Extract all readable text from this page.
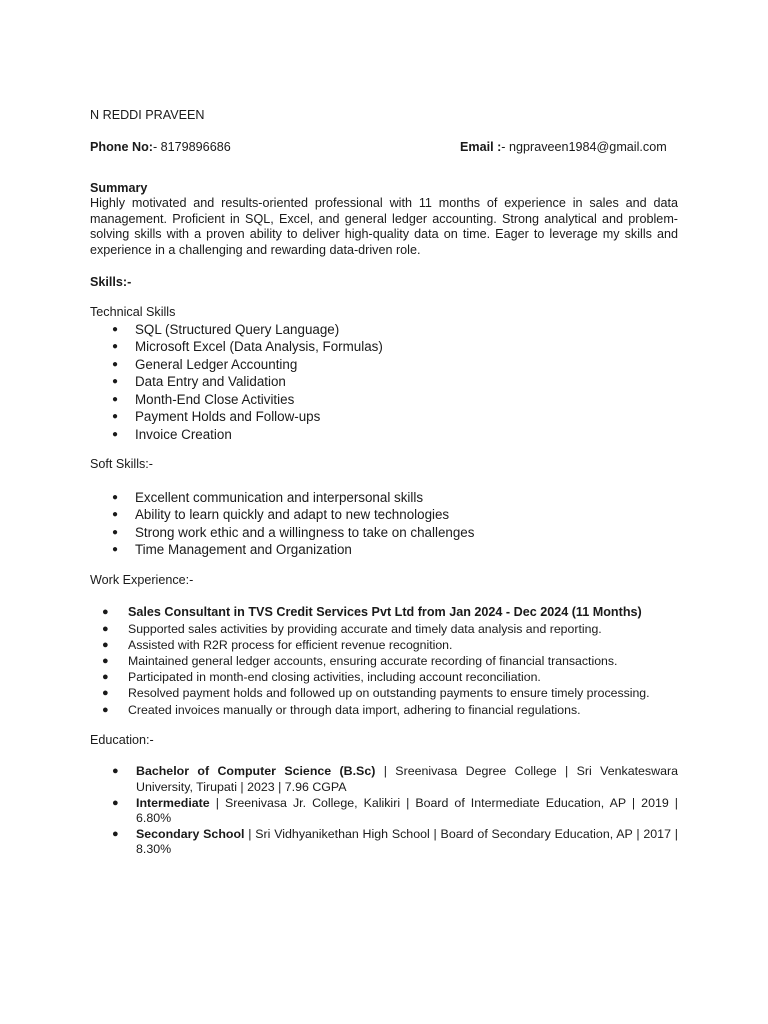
N REDDI PRAVEEN

Phone No:- 8179896686	Email :- ngpraveen1984@gmail.com

Summary

Highly motivated and results-oriented professional with 11 months of experience in sales and data management. Proficient in SQL, Excel, and general ledger accounting. Strong analytical and problem-solving skills with a proven ability to deliver high-quality data on time. Eager to leverage my skills and experience in a challenging and rewarding data-driven role.

Skills:-

Technical Skills

● SQL (Structured Query Language)
● Microsoft Excel (Data Analysis, Formulas)
● General Ledger Accounting
● Data Entry and Validation
● Month-End Close Activities
● Payment Holds and Follow-ups
● Invoice Creation

Soft Skills:-

● Excellent communication and interpersonal skills
● Ability to learn quickly and adapt to new technologies
● Strong work ethic and a willingness to take on challenges
● Time Management and Organization

Work Experience:-

● Sales Consultant in TVS Credit Services Pvt Ltd from Jan 2024 - Dec 2024 (11 Months)
● Supported sales activities by providing accurate and timely data analysis and reporting.
● Assisted with R2R process for efficient revenue recognition.
● Maintained general ledger accounts, ensuring accurate recording of financial transactions.
● Participated in month-end closing activities, including account reconciliation.
● Resolved payment holds and followed up on outstanding payments to ensure timely processing.
● Created invoices manually or through data import, adhering to financial regulations.

Education:-

● Bachelor of Computer Science (B.Sc) | Sreenivasa Degree College | Sri Venkateswara University, Tirupati | 2023 | 7.96 CGPA
● Intermediate | Sreenivasa Jr. College, Kalikiri | Board of Intermediate Education, AP | 2019 | 6.80%
● Secondary School | Sri Vidhyanikethan High School | Board of Secondary Education, AP | 2017 | 8.30%
